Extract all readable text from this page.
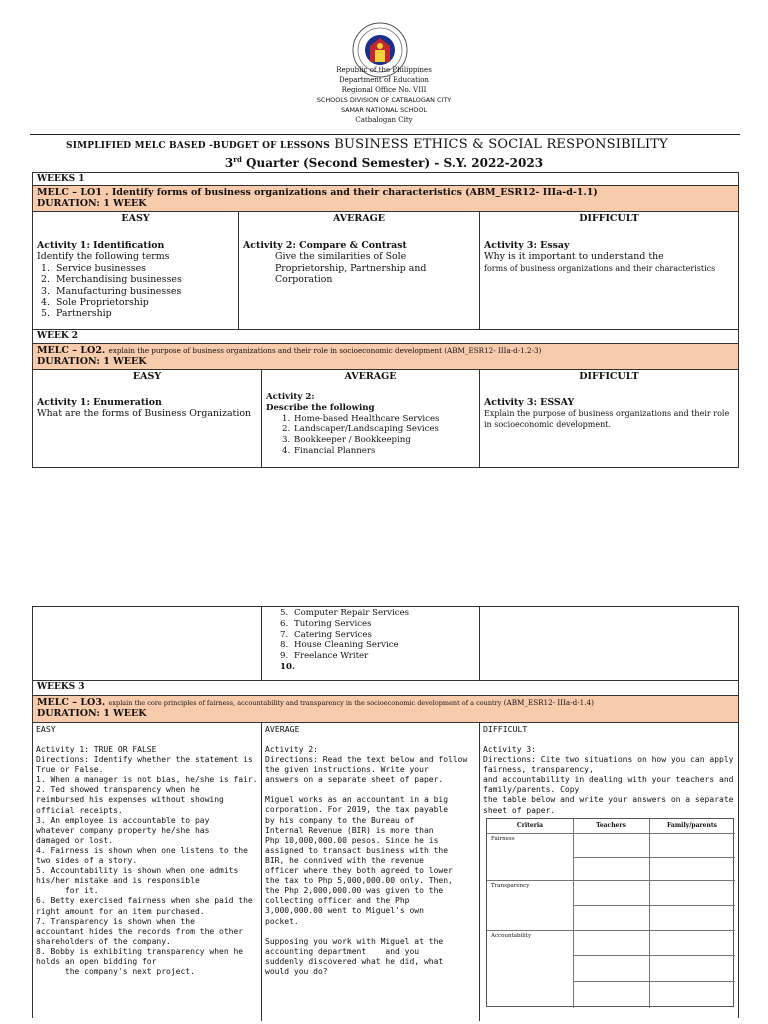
Republic of the Philippines
Department of Education
Regional Office No. VIII
SCHOOLS DIVISION OF CATBALOGAN CITY
SAMAR NATIONAL SCHOOL
Catbalogan City
SIMPLIFIED MELC BASED -BUDGET OF LESSONS BUSINESS ETHICS & SOCIAL RESPONSIBILITY
3rd Quarter (Second Semester) - S.Y. 2022-2023
WEEKS 1
MELC – LO1 . Identify forms of business organizations and their characteristics (ABM_ESR12- IIIa-d-1.1)
DURATION: 1 WEEK
EASY
Activity 1: Identification
Identify the following terms
1. Service businesses
2. Merchandising businesses
3. Manufacturing businesses
4. Sole Proprietorship
5. Partnership
AVERAGE
Activity 2: Compare & Contrast
Give the similarities of Sole Proprietorship, Partnership and Corporation
DIFFICULT
Activity 3: Essay
Why is it important to understand the
forms of business organizations and their characteristics
WEEK 2
MELC – LO2. explain the purpose of business organizations and their role in socioeconomic development (ABM_ESR12- IIIa-d-1.2-3)
DURATION: 1 WEEK
EASY
Activity 1: Enumeration
What are the forms of Business Organization
AVERAGE
Activity 2:
Describe the following
1. Home-based Healthcare Services
2. Landscaper/Landscaping Sevices
3. Bookkeeper / Bookkeeping
4. Financial Planners
DIFFICULT
Activity 3: ESSAY
Explain the purpose of business organizations and their role in socioeconomic development.
5. Computer Repair Services
6. Tutoring Services
7. Catering Services
8. House Cleaning Service
9. Freelance Writer
10.
WEEKS 3
MELC – LO3. explain the core principles of fairness, accountability and transparency in the socioeconomic development of a country (ABM_ESR12- IIIa-d-1.4)
DURATION: 1 WEEK
EASY
Activity 1: TRUE OR FALSE
Directions: Identify whether the statement is
True or False.
1. When a manager is not bias, he/she is fair.
2. Ted showed transparency when he
reimbursed his expenses without showing
official receipts.
3. An employee is accountable to pay
whatever company property he/she has
damaged or lost.
4. Fairness is shown when one listens to the
two sides of a story.
5. Accountability is shown when one admits
his/her mistake and is responsible
for it.
6. Betty exercised fairness when she paid the
right amount for an item purchased.
7. Transparency is shown when the
accountant hides the records from the other
shareholders of the company.
8. Bobby is exhibiting transparency when he
holds an open bidding for
the company's next project.
AVERAGE
Activity 2:
Directions: Read the text below and follow
the given instructions. Write your
answers on a separate sheet of paper.
Miguel works as an accountant in a big
corporation. For 2019, the tax payable
by his company to the Bureau of
Internal Revenue (BIR) is more than
Php 10,000,000.00 pesos. Since he is
assigned to transact business with the
BIR, he connived with the revenue
officer where they both agreed to lower
the tax to Php 5,000,000.00 only. Then,
the Php 2,000,000.00 was given to the
collecting officer and the Php
3,000,000.00 went to Miguel's own
pocket.
Supposing you work with Miguel at the
accounting department    and you
suddenly discovered what he did, what
would you do?
DIFFICULT
Activity 3:
Directions: Cite two situations on how you can apply
fairness, transparency,
and accountability in dealing with your teachers and
family/parents. Copy
the table below and write your answers on a separate
sheet of paper.
Criteria	Teachers	Family/parents
Fairness
Transparency
Accountability
